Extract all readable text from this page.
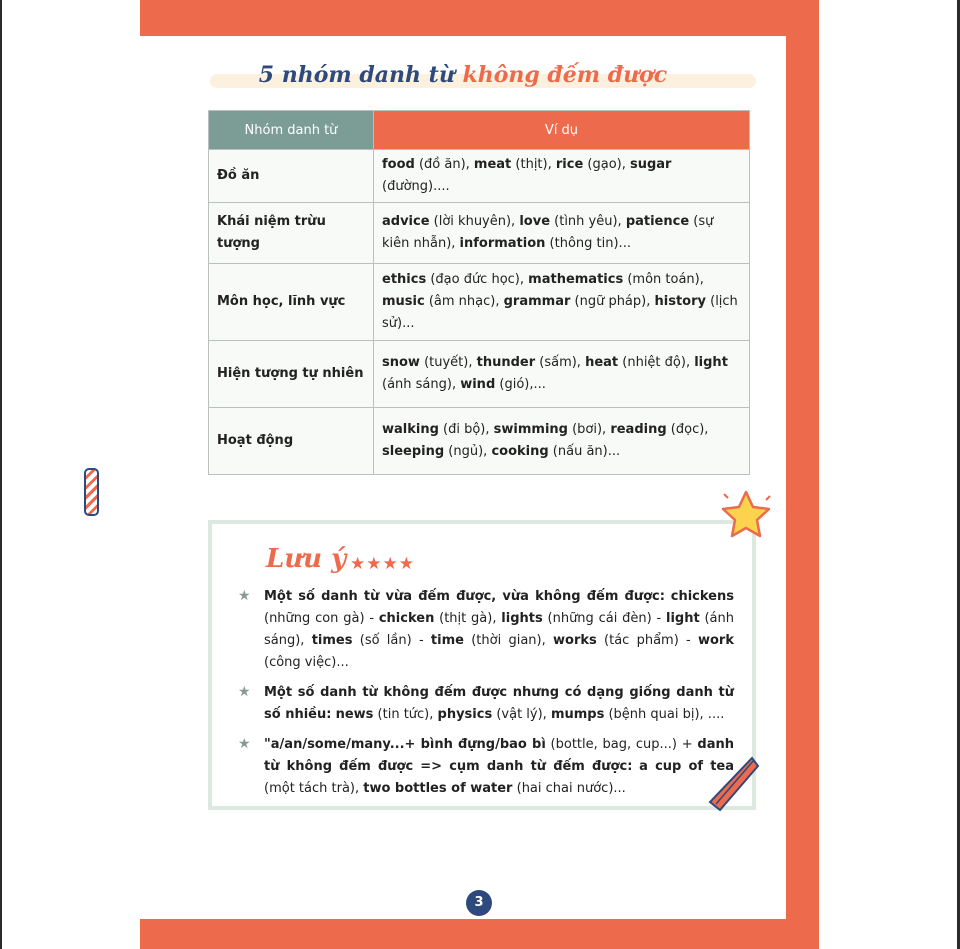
5 nhóm danh từ không đếm được
Nhóm danh từ	Ví dụ
Đồ ăn	food (đồ ăn), meat (thịt), rice (gạo), sugar (đường)....
Khái niệm trừu tượng	advice (lời khuyên), love (tình yêu), patience (sự kiên nhẫn), information (thông tin)...
Môn học, lĩnh vực	ethics (đạo đức học), mathematics (môn toán), music (âm nhạc), grammar (ngữ pháp), history (lịch sử)...
Hiện tượng tự nhiên	snow (tuyết), thunder (sấm), heat (nhiệt độ), light (ánh sáng), wind (gió),...
Hoạt động	walking (đi bộ), swimming (bơi), reading (đọc), sleeping (ngủ), cooking (nấu ăn)...
Lưu ý ★★★★
★ Một số danh từ vừa đếm được, vừa không đếm được: chickens (những con gà) - chicken (thịt gà), lights (những cái đèn) - light (ánh sáng), times (số lần) - time (thời gian), works (tác phẩm) - work (công việc)...
★ Một số danh từ không đếm được nhưng có dạng giống danh từ số nhiều: news (tin tức), physics (vật lý), mumps (bệnh quai bị), ....
★ "a/an/some/many...+ bình đựng/bao bì (bottle, bag, cup...) + danh từ không đếm được => cụm danh từ đếm được: a cup of tea (một tách trà), two bottles of water (hai chai nước)...
3
